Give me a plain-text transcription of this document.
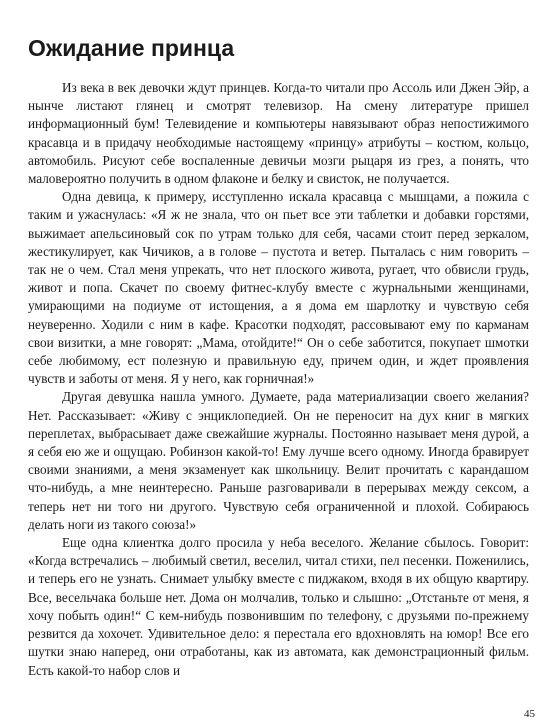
Ожидание принца

Из века в век девочки ждут принцев. Когда-то читали про Ассоль или Джен Эйр, а нынче листают глянец и смотрят телевизор. На смену литературе пришел информационный бум! Телевидение и компьютеры навязывают образ непостижимого красавца и в придачу необходимые настоящему «принцу» атрибуты – костюм, кольцо, автомобиль. Рисуют себе воспаленные девичьи мозги рыцаря из грез, а понять, что маловероятно получить в одном флаконе и белку и свисток, не получается.

Одна девица, к примеру, исступленно искала красавца с мышцами, а пожила с таким и ужаснулась: «Я ж не знала, что он пьет все эти таблетки и добавки горстями, выжимает апельсиновый сок по утрам только для себя, часами стоит перед зеркалом, жестикулирует, как Чичиков, а в голове – пустота и ветер. Пыталась с ним говорить – так не о чем. Стал меня упрекать, что нет плоского живота, ругает, что обвисли грудь, живот и попа. Скачет по своему фитнес-клубу вместе с журнальными женщинами, умирающими на подиуме от истощения, а я дома ем шарлотку и чувствую себя неуверенно. Ходили с ним в кафе. Красотки подходят, рассовывают ему по карманам свои визитки, а мне говорят: „Мама, отойдите!“ Он о себе заботится, покупает шмотки себе любимому, ест полезную и правильную еду, причем один, и ждет проявления чувств и заботы от меня. Я у него, как горничная!»

Другая девушка нашла умного. Думаете, рада материализации своего желания? Нет. Рассказывает: «Живу с энциклопедией. Он не переносит на дух книг в мягких переплетах, выбрасывает даже свежайшие журналы. Постоянно называет меня дурой, а я себя ею же и ощущаю. Робинзон какой-то! Ему лучше всего одному. Иногда бравирует своими знаниями, а меня экзаменует как школьницу. Велит прочитать с карандашом что-нибудь, а мне неинтересно. Раньше разговаривали в перерывах между сексом, а теперь нет ни того ни другого. Чувствую себя ограниченной и плохой. Собираюсь делать ноги из такого союза!»

Еще одна клиентка долго просила у неба веселого. Желание сбылось. Говорит: «Когда встречались – любимый светил, веселил, читал стихи, пел песенки. Поженились, и теперь его не узнать. Снимает улыбку вместе с пиджаком, входя в их общую квартиру. Все, весельчака больше нет. Дома он молчалив, только и слышно: „Отстаньте от меня, я хочу побыть один!“ С кем-нибудь позвонившим по телефону, с друзьями по-прежнему резвится да хохочет. Удивительное дело: я перестала его вдохновлять на юмор! Все его шутки знаю наперед, они отработаны, как из автомата, как демонстрационный фильм. Есть какой-то набор слов и

45
